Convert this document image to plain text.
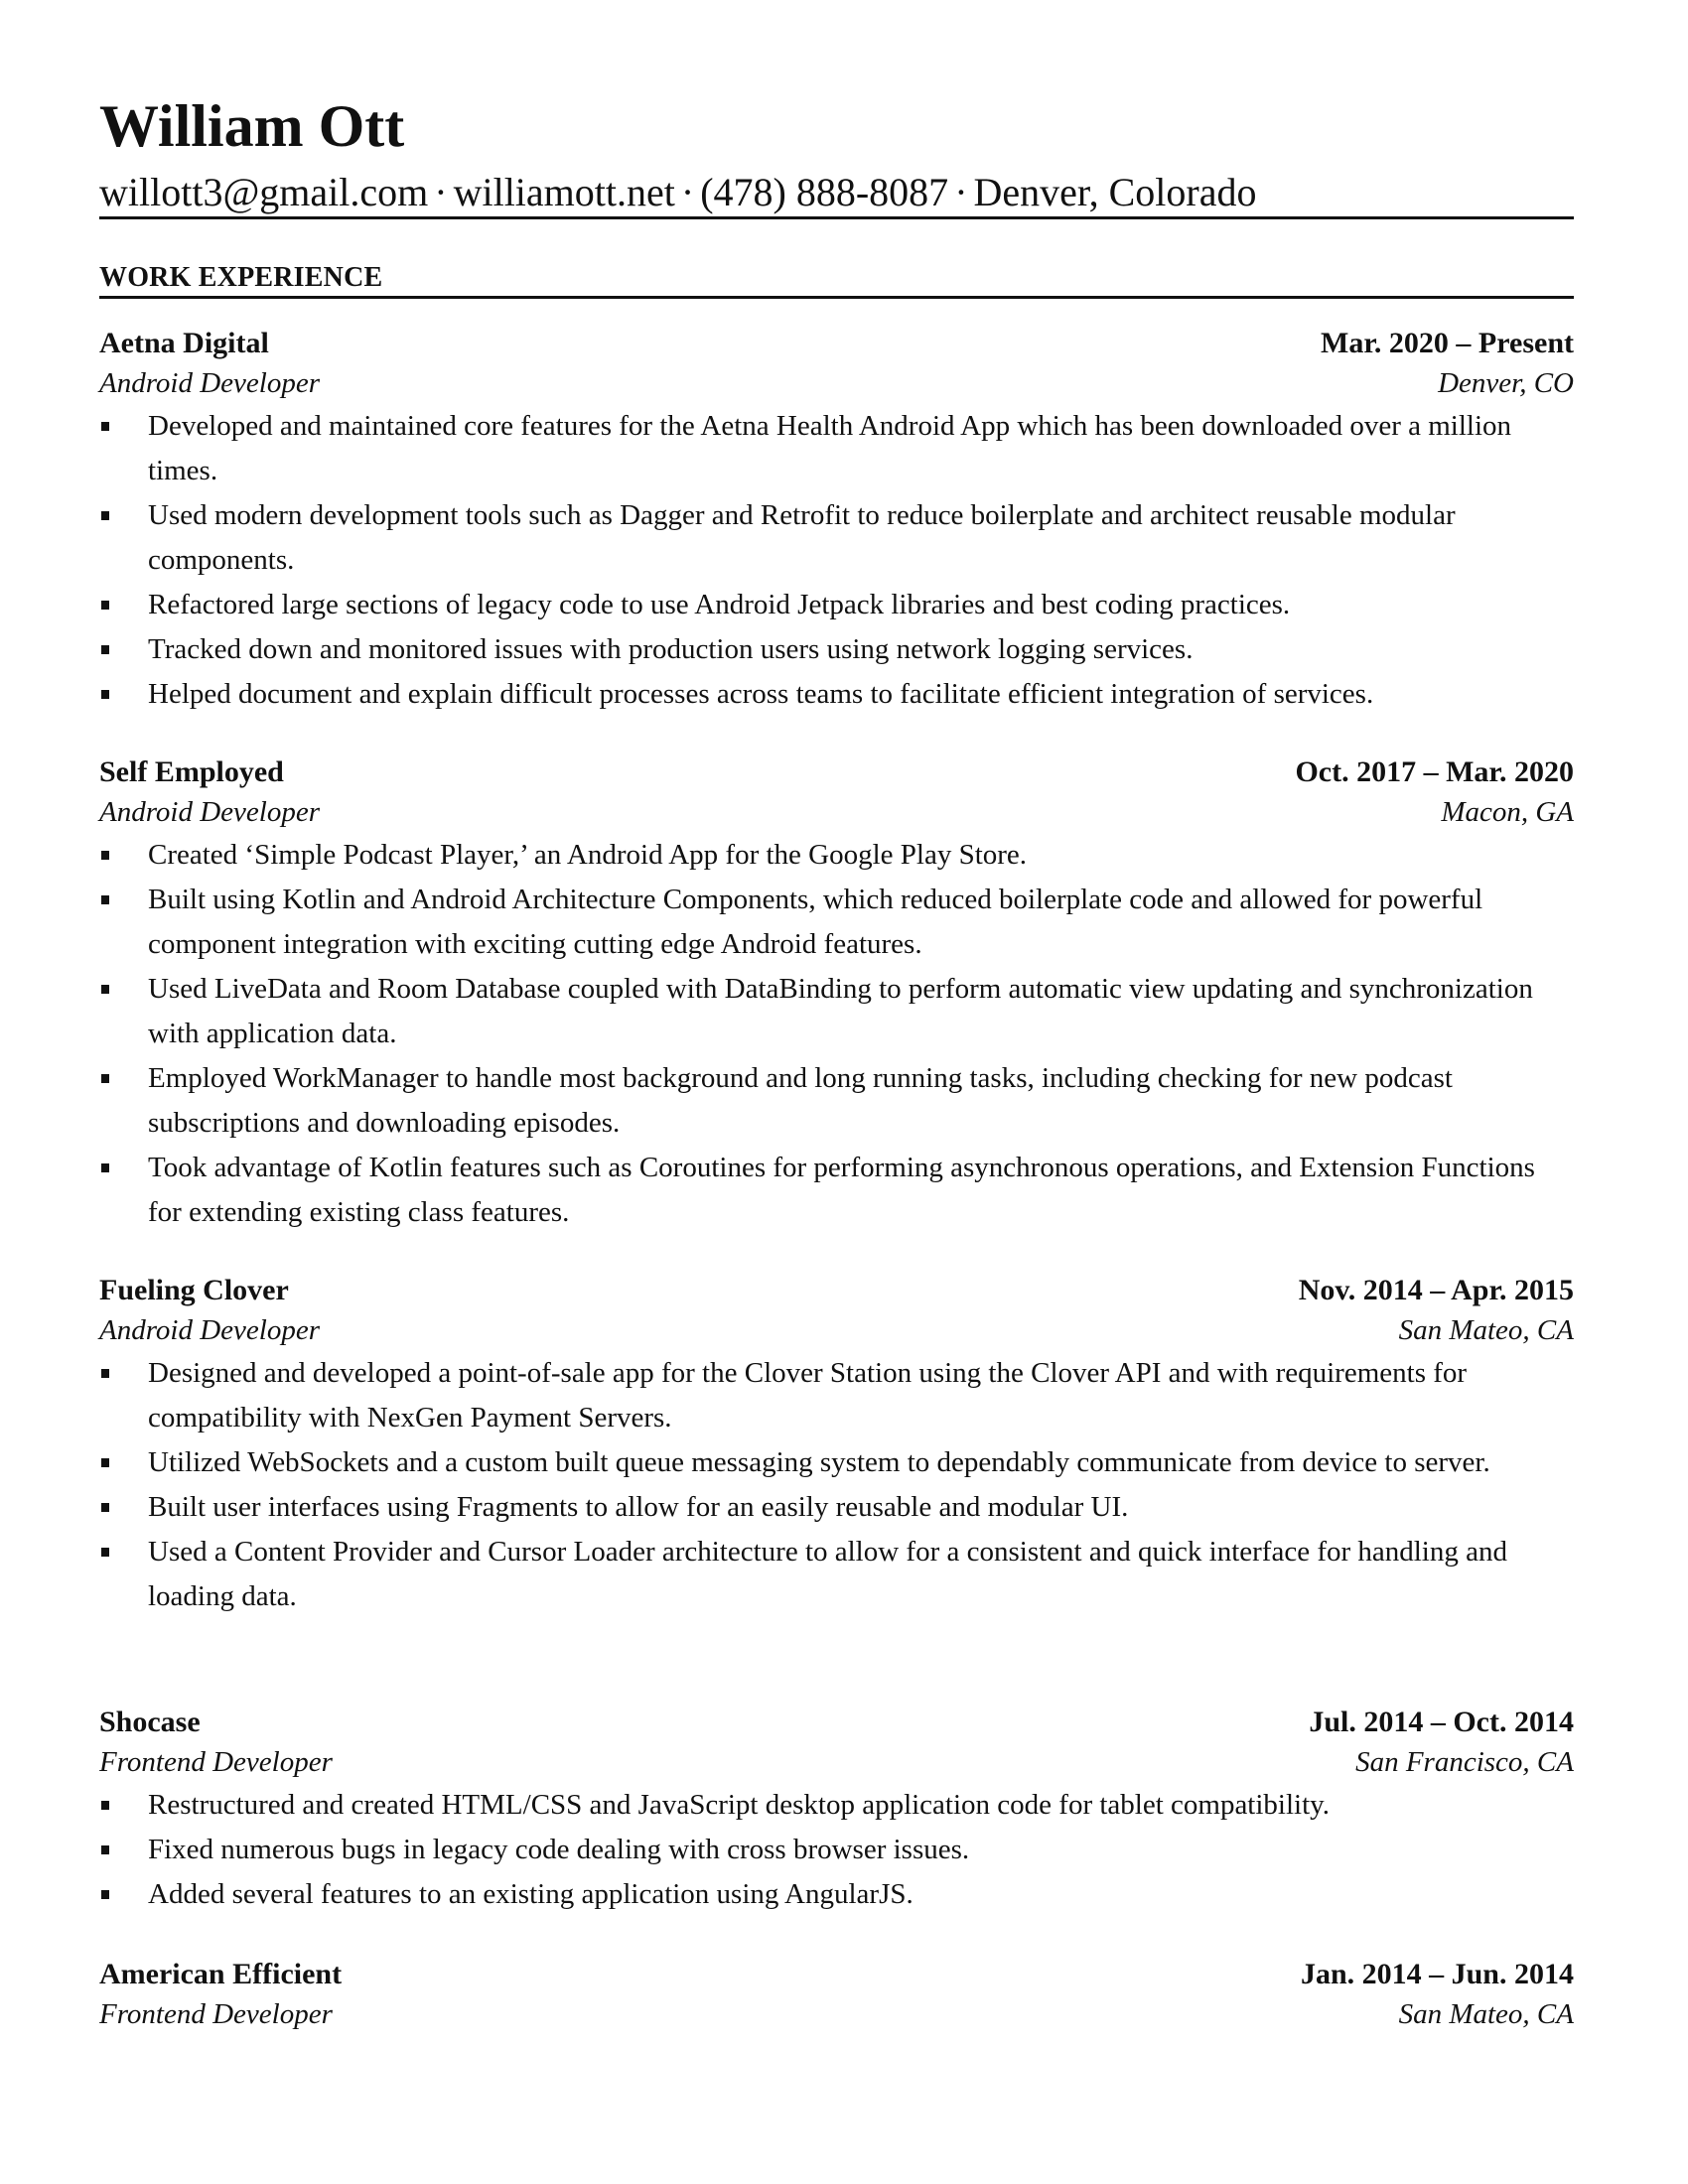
William Ott
willott3@gmail.com · williamott.net · (478) 888-8087 · Denver, Colorado
WORK EXPERIENCE
Aetna Digital	Mar. 2020 – Present
Android Developer	Denver, CO
Developed and maintained core features for the Aetna Health Android App which has been downloaded over a million times.
Used modern development tools such as Dagger and Retrofit to reduce boilerplate and architect reusable modular components.
Refactored large sections of legacy code to use Android Jetpack libraries and best coding practices.
Tracked down and monitored issues with production users using network logging services.
Helped document and explain difficult processes across teams to facilitate efficient integration of services.
Self Employed	Oct. 2017 – Mar. 2020
Android Developer	Macon, GA
Created ‘Simple Podcast Player,’ an Android App for the Google Play Store.
Built using Kotlin and Android Architecture Components, which reduced boilerplate code and allowed for powerful component integration with exciting cutting edge Android features.
Used LiveData and Room Database coupled with DataBinding to perform automatic view updating and synchronization with application data.
Employed WorkManager to handle most background and long running tasks, including checking for new podcast subscriptions and downloading episodes.
Took advantage of Kotlin features such as Coroutines for performing asynchronous operations, and Extension Functions for extending existing class features.
Fueling Clover	Nov. 2014 – Apr. 2015
Android Developer	San Mateo, CA
Designed and developed a point-of-sale app for the Clover Station using the Clover API and with requirements for compatibility with NexGen Payment Servers.
Utilized WebSockets and a custom built queue messaging system to dependably communicate from device to server.
Built user interfaces using Fragments to allow for an easily reusable and modular UI.
Used a Content Provider and Cursor Loader architecture to allow for a consistent and quick interface for handling and loading data.
Shocase	Jul. 2014 – Oct. 2014
Frontend Developer	San Francisco, CA
Restructured and created HTML/CSS and JavaScript desktop application code for tablet compatibility.
Fixed numerous bugs in legacy code dealing with cross browser issues.
Added several features to an existing application using AngularJS.
American Efficient	Jan. 2014 – Jun. 2014
Frontend Developer	San Mateo, CA
